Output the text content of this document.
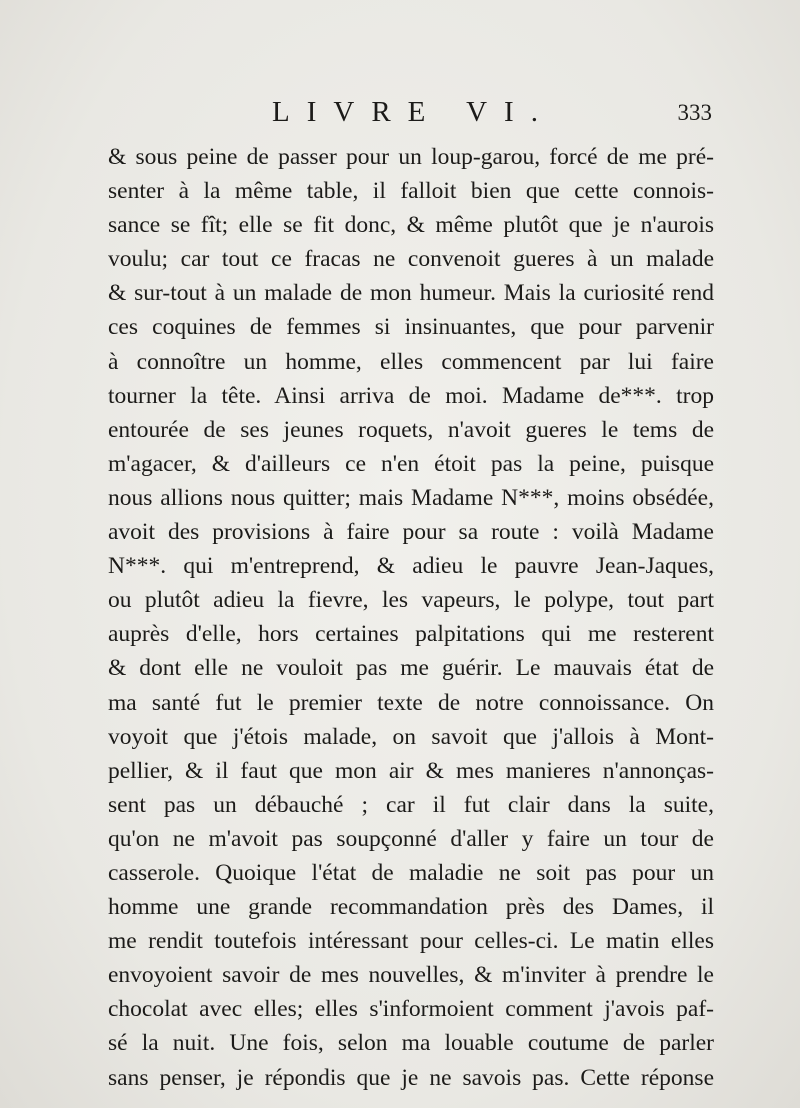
LIVRE VI.	333
& sous peine de passer pour un loup-garou, forcé de me pré-
senter à la même table, il falloit bien que cette connois-
sance se fît; elle se fit donc, & même plutôt que je n'aurois
voulu; car tout ce fracas ne convenoit gueres à un malade
& sur-tout à un malade de mon humeur. Mais la curiosité rend
ces coquines de femmes si insinuantes, que pour parvenir
à connoître un homme, elles commencent par lui faire
tourner la tête. Ainsi arriva de moi. Madame de***. trop
entourée de ses jeunes roquets, n'avoit gueres le tems de
m'agacer, & d'ailleurs ce n'en étoit pas la peine, puisque
nous allions nous quitter; mais Madame N***, moins obsédée,
avoit des provisions à faire pour sa route : voilà Madame
N***. qui m'entreprend, & adieu le pauvre Jean-Jaques,
ou plutôt adieu la fievre, les vapeurs, le polype, tout part
auprès d'elle, hors certaines palpitations qui me resterent
& dont elle ne vouloit pas me guérir. Le mauvais état de
ma santé fut le premier texte de notre connoissance. On
voyoit que j'étois malade, on savoit que j'allois à Mont-
pellier, & il faut que mon air & mes manieres n'annonças-
sent pas un débauché ; car il fut clair dans la suite,
qu'on ne m'avoit pas soupçonné d'aller y faire un tour de
casserole. Quoique l'état de maladie ne soit pas pour un
homme une grande recommandation près des Dames, il
me rendit toutefois intéressant pour celles-ci. Le matin elles
envoyoient savoir de mes nouvelles, & m'inviter à prendre le
chocolat avec elles; elles s'informoient comment j'avois paf-
sé la nuit. Une fois, selon ma louable coutume de parler
sans penser, je répondis que je ne savois pas. Cette réponse
